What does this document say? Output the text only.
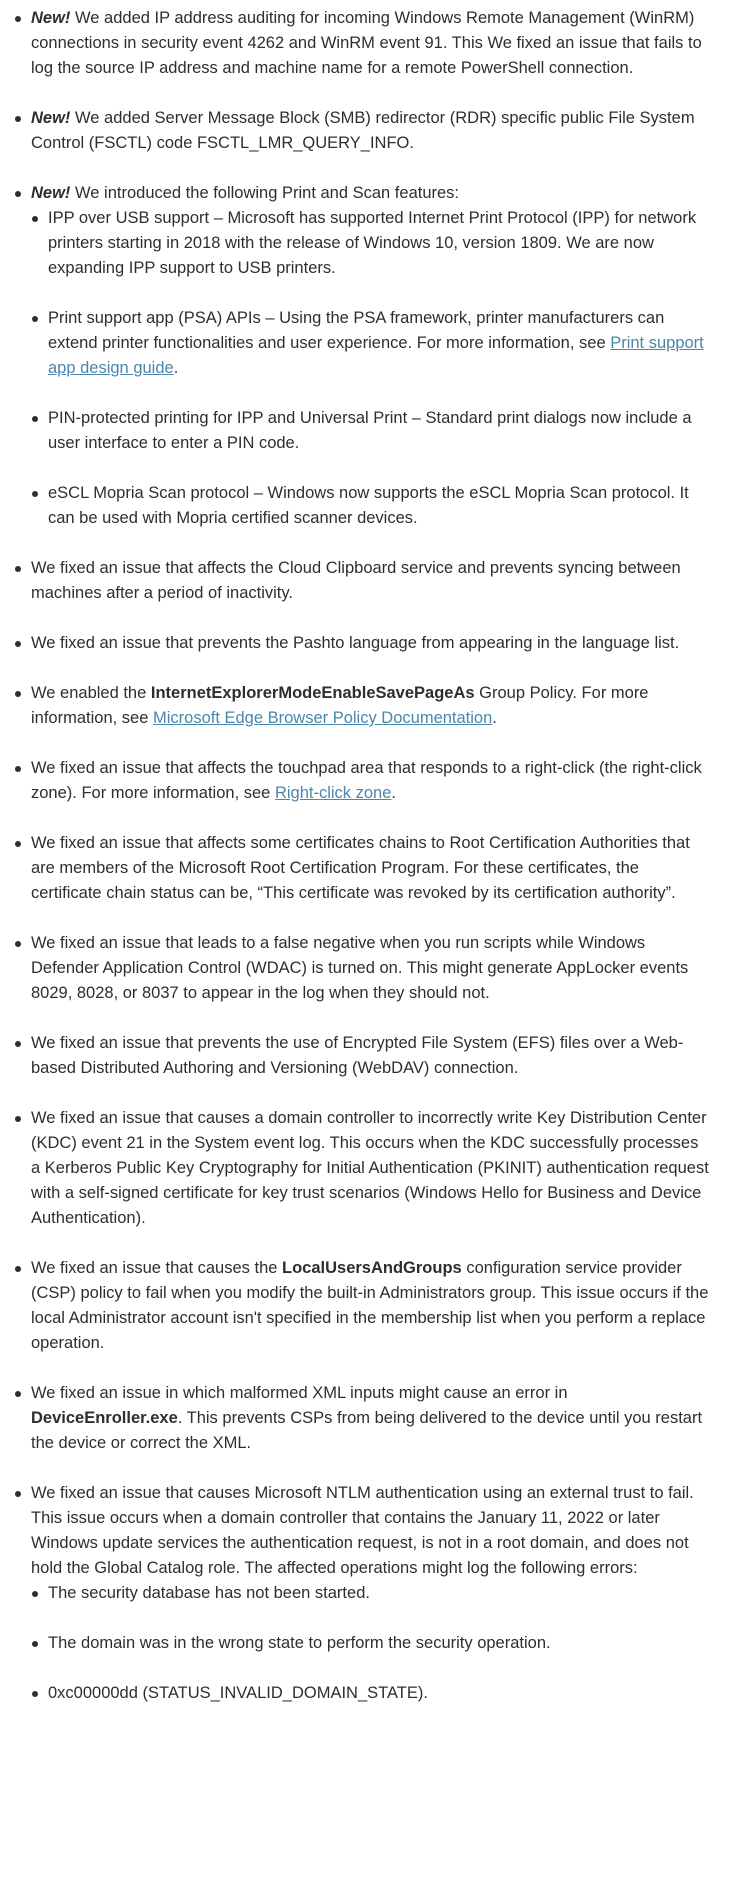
New! We added IP address auditing for incoming Windows Remote Management (WinRM) connections in security event 4262 and WinRM event 91. This We fixed an issue that fails to log the source IP address and machine name for a remote PowerShell connection.
New! We added Server Message Block (SMB) redirector (RDR) specific public File System Control (FSCTL) code FSCTL_LMR_QUERY_INFO.
New! We introduced the following Print and Scan features:
IPP over USB support – Microsoft has supported Internet Print Protocol (IPP) for network printers starting in 2018 with the release of Windows 10, version 1809. We are now expanding IPP support to USB printers.
Print support app (PSA) APIs – Using the PSA framework, printer manufacturers can extend printer functionalities and user experience. For more information, see Print support app design guide.
PIN-protected printing for IPP and Universal Print – Standard print dialogs now include a user interface to enter a PIN code.
eSCL Mopria Scan protocol – Windows now supports the eSCL Mopria Scan protocol. It can be used with Mopria certified scanner devices.
We fixed an issue that affects the Cloud Clipboard service and prevents syncing between machines after a period of inactivity.
We fixed an issue that prevents the Pashto language from appearing in the language list.
We enabled the InternetExplorerModeEnableSavePageAs Group Policy. For more information, see Microsoft Edge Browser Policy Documentation.
We fixed an issue that affects the touchpad area that responds to a right-click (the right-click zone). For more information, see Right-click zone.
We fixed an issue that affects some certificates chains to Root Certification Authorities that are members of the Microsoft Root Certification Program. For these certificates, the certificate chain status can be, “This certificate was revoked by its certification authority”.
We fixed an issue that leads to a false negative when you run scripts while Windows Defender Application Control (WDAC) is turned on. This might generate AppLocker events 8029, 8028, or 8037 to appear in the log when they should not.
We fixed an issue that prevents the use of Encrypted File System (EFS) files over a Web-based Distributed Authoring and Versioning (WebDAV) connection.
We fixed an issue that causes a domain controller to incorrectly write Key Distribution Center (KDC) event 21 in the System event log. This occurs when the KDC successfully processes a Kerberos Public Key Cryptography for Initial Authentication (PKINIT) authentication request with a self-signed certificate for key trust scenarios (Windows Hello for Business and Device Authentication).
We fixed an issue that causes the LocalUsersAndGroups configuration service provider (CSP) policy to fail when you modify the built-in Administrators group. This issue occurs if the local Administrator account isn't specified in the membership list when you perform a replace operation.
We fixed an issue in which malformed XML inputs might cause an error in DeviceEnroller.exe. This prevents CSPs from being delivered to the device until you restart the device or correct the XML.
We fixed an issue that causes Microsoft NTLM authentication using an external trust to fail. This issue occurs when a domain controller that contains the January 11, 2022 or later Windows update services the authentication request, is not in a root domain, and does not hold the Global Catalog role. The affected operations might log the following errors:
The security database has not been started.
The domain was in the wrong state to perform the security operation.
0xc00000dd (STATUS_INVALID_DOMAIN_STATE).
